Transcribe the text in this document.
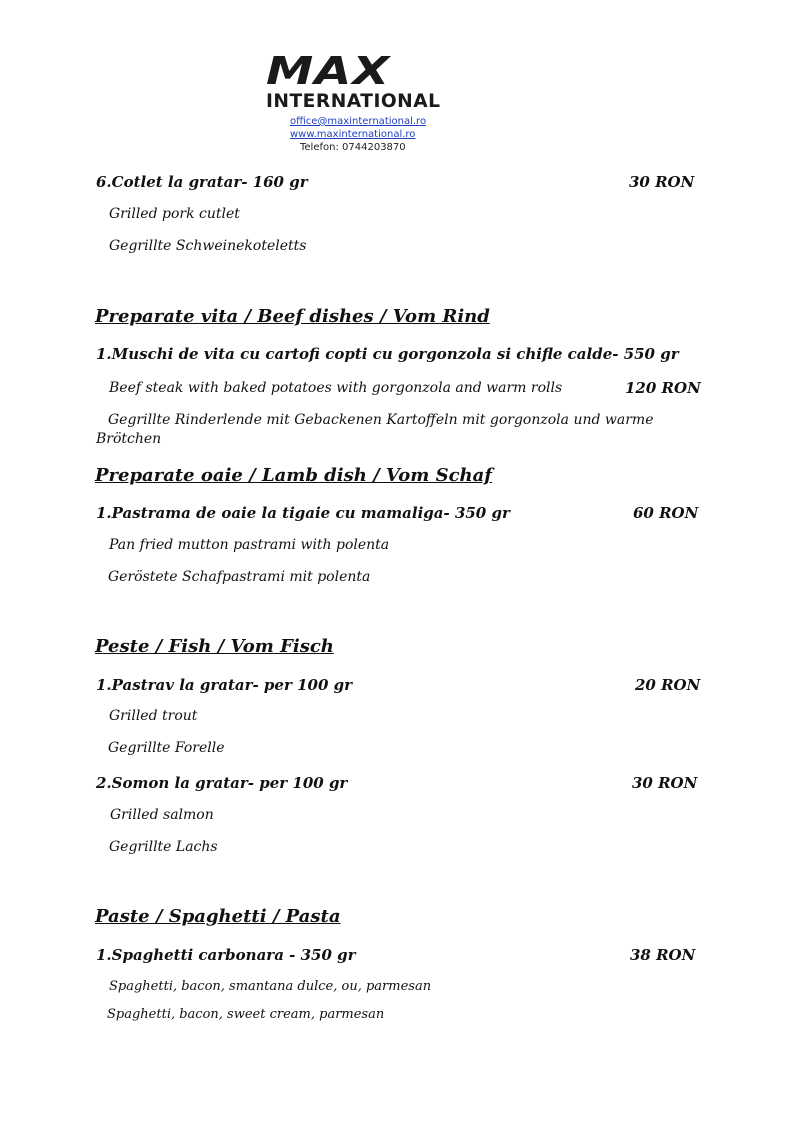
MAX
INTERNATIONAL
office@maxinternational.ro
www.maxinternational.ro
Telefon: 0744203870
6.Cotlet la gratar- 160 gr	30 RON
Grilled pork cutlet
Gegrillte Schweinekoteletts
Preparate vita / Beef dishes / Vom Rind
1.Muschi de vita cu cartofi copti cu gorgonzola si chifle calde- 550 gr
Beef steak with baked potatoes with gorgonzola and warm rolls	120 RON
Gegrillte Rinderlende mit Gebackenen Kartoffeln mit gorgonzola und warme
Brötchen
Preparate oaie / Lamb dish / Vom Schaf
1.Pastrama de oaie la tigaie cu mamaliga- 350 gr	60 RON
Pan fried mutton pastrami with polenta
Geröstete Schafpastrami mit polenta
Peste / Fish / Vom Fisch
1.Pastrav la gratar- per 100 gr	20 RON
Grilled trout
Gegrillte Forelle
2.Somon la gratar- per 100 gr	30 RON
Grilled salmon
Gegrillte Lachs
Paste / Spaghetti / Pasta
1.Spaghetti carbonara - 350 gr	38 RON
Spaghetti, bacon, smantana dulce, ou, parmesan
Spaghetti, bacon, sweet cream, parmesan
